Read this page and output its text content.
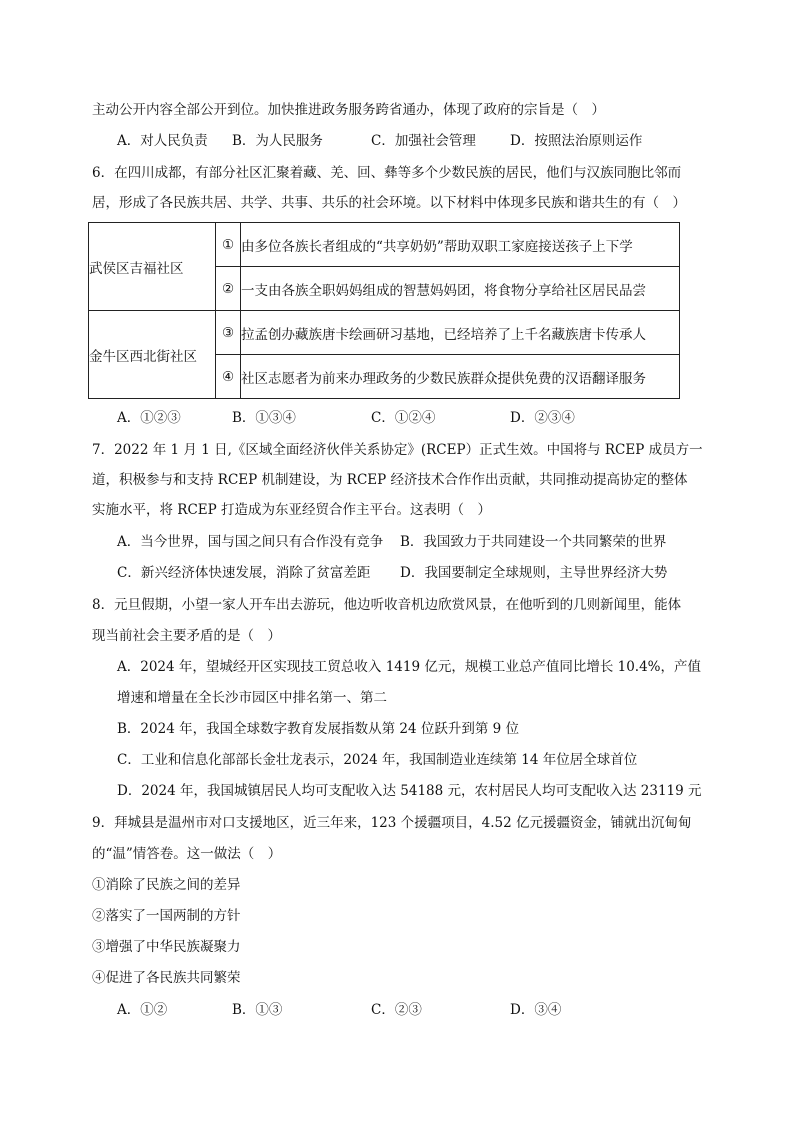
主动公开内容全部公开到位。加快推进政务服务跨省通办，体现了政府的宗旨是（　）
A．对人民负责 B．为人民服务	C．加强社会管理	D．按照法治原则运作
6．在四川成都，有部分社区汇聚着藏、羌、回、彝等多个少数民族的居民，他们与汉族同胞比邻而
居，形成了各民族共居、共学、共事、共乐的社会环境。以下材料中体现多民族和谐共生的有（　）
武侯区吉福社区	①	由多位各族长者组成的“共享奶奶”帮助双职工家庭接送孩子上下学
	②	一支由各族全职妈妈组成的智慧妈妈团，将食物分享给社区居民品尝
金牛区西北街社区	③	拉孟创办藏族唐卡绘画研习基地，已经培养了上千名藏族唐卡传承人
	④	社区志愿者为前来办理政务的少数民族群众提供免费的汉语翻译服务
A．①②③	B．①③④	C．①②④	D．②③④
7．2022 年 1 月 1 日,《区域全面经济伙伴关系协定》(RCEP）正式生效。中国将与 RCEP 成员方一
道，积极参与和支持 RCEP 机制建设，为 RCEP 经济技术合作作出贡献，共同推动提高协定的整体
实施水平，将 RCEP 打造成为东亚经贸合作主平台。这表明（　）
A．当今世界，国与国之间只有合作没有竞争 B．我国致力于共同建设一个共同繁荣的世界
C．新兴经济体快速发展，消除了贫富差距 D．我国要制定全球规则，主导世界经济大势
8．元旦假期，小望一家人开车出去游玩，他边听收音机边欣赏风景，在他听到的几则新闻里，能体
现当前社会主要矛盾的是（　）
A．2024 年，望城经开区实现技工贸总收入 1419 亿元，规模工业总产值同比增长 10.4%，产值
增速和增量在全长沙市园区中排名第一、第二
B．2024 年，我国全球数字教育发展指数从第 24 位跃升到第 9 位
C．工业和信息化部部长金壮龙表示，2024 年，我国制造业连续第 14 年位居全球首位
D．2024 年，我国城镇居民人均可支配收入达 54188 元，农村居民人均可支配收入达 23119 元
9．拜城县是温州市对口支援地区，近三年来，123 个援疆项目，4.52 亿元援疆资金，铺就出沉甸甸
的“温”情答卷。这一做法（　）
①消除了民族之间的差异
②落实了一国两制的方针
③增强了中华民族凝聚力
④促进了各民族共同繁荣
A．①②	B．①③	C．②③	D．③④
